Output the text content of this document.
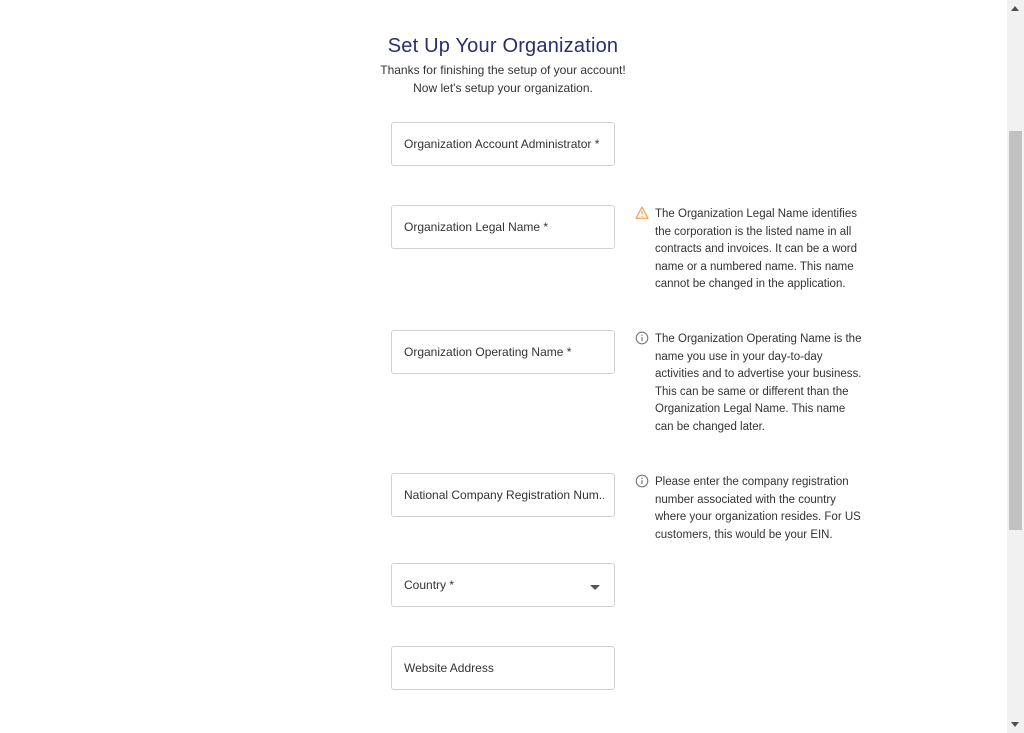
Set Up Your Organization
Thanks for finishing the setup of your account!
Now let's setup your organization.
Organization Account Administrator *
Organization Legal Name *
The Organization Legal Name identifies the corporation is the listed name in all contracts and invoices. It can be a word name or a numbered name. This name cannot be changed in the application.
Organization Operating Name *
The Organization Operating Name is the name you use in your day-to-day activities and to advertise your business. This can be same or different than the Organization Legal Name. This name can be changed later.
National Company Registration Num...
Please enter the company registration number associated with the country where your organization resides. For US customers, this would be your EIN.
Country *
Website Address
